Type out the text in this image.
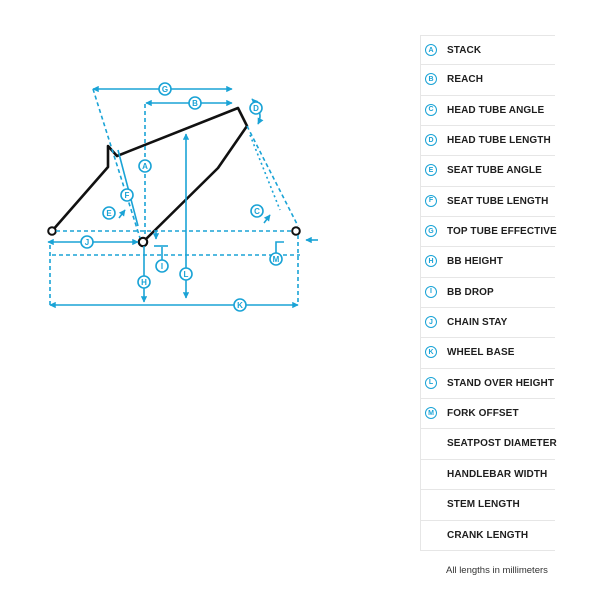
G
B
D
A
F
E	C
J
M
I
L
H
K
A	STACK
B	REACH
C	HEAD TUBE ANGLE
D	HEAD TUBE LENGTH
E	SEAT TUBE ANGLE
F	SEAT TUBE LENGTH
G	TOP TUBE EFFECTIVE
H	BB HEIGHT
I	BB DROP
J	CHAIN STAY
K	WHEEL BASE
L	STAND OVER HEIGHT
M	FORK OFFSET
SEATPOST DIAMETER
HANDLEBAR WIDTH
STEM LENGTH
CRANK LENGTH
All lengths in millimeters
